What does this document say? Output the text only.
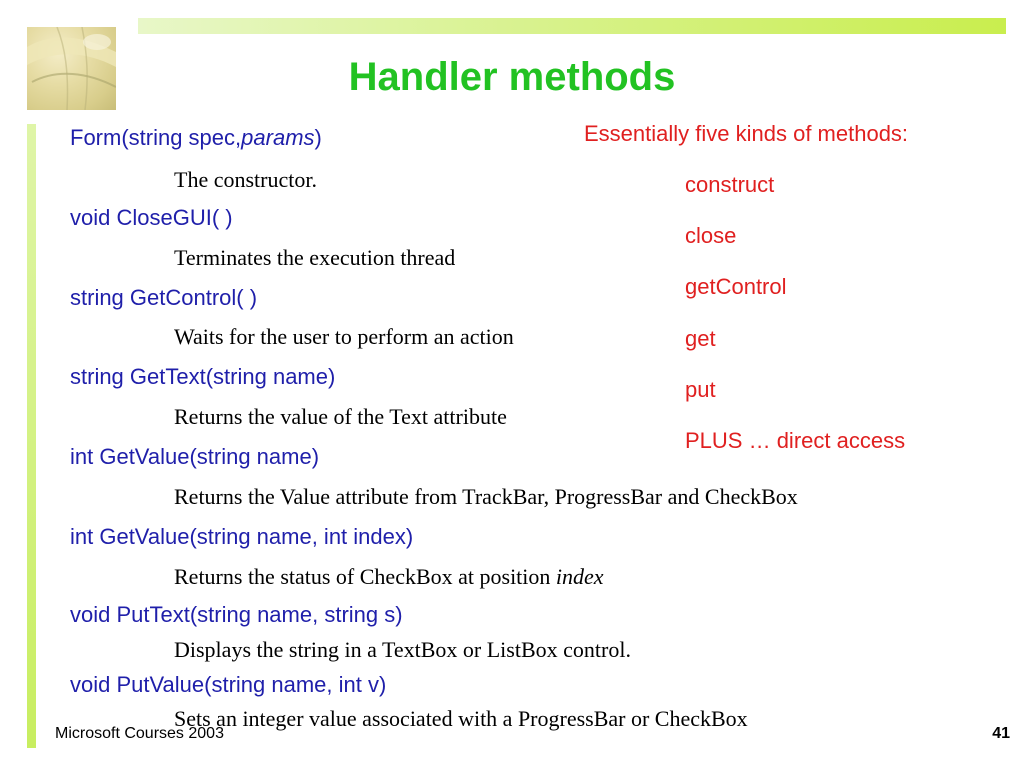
Handler methods
Form(string spec,params)
The constructor.
void CloseGUI( )
Terminates the execution thread
string GetControl( )
Waits for the user to perform an action
string GetText(string name)
Returns the value of the Text attribute
int GetValue(string name)
Returns the Value attribute from TrackBar, ProgressBar and CheckBox
int GetValue(string name, int index)
Returns the status of CheckBox at position index
void PutText(string name, string s)
Displays the string in a TextBox or ListBox control.
void PutValue(string name, int v)
Sets an integer value associated with a ProgressBar or CheckBox
Essentially five kinds of methods:
construct
close
getControl
get
put
PLUS … direct access
Microsoft Courses 2003	41
